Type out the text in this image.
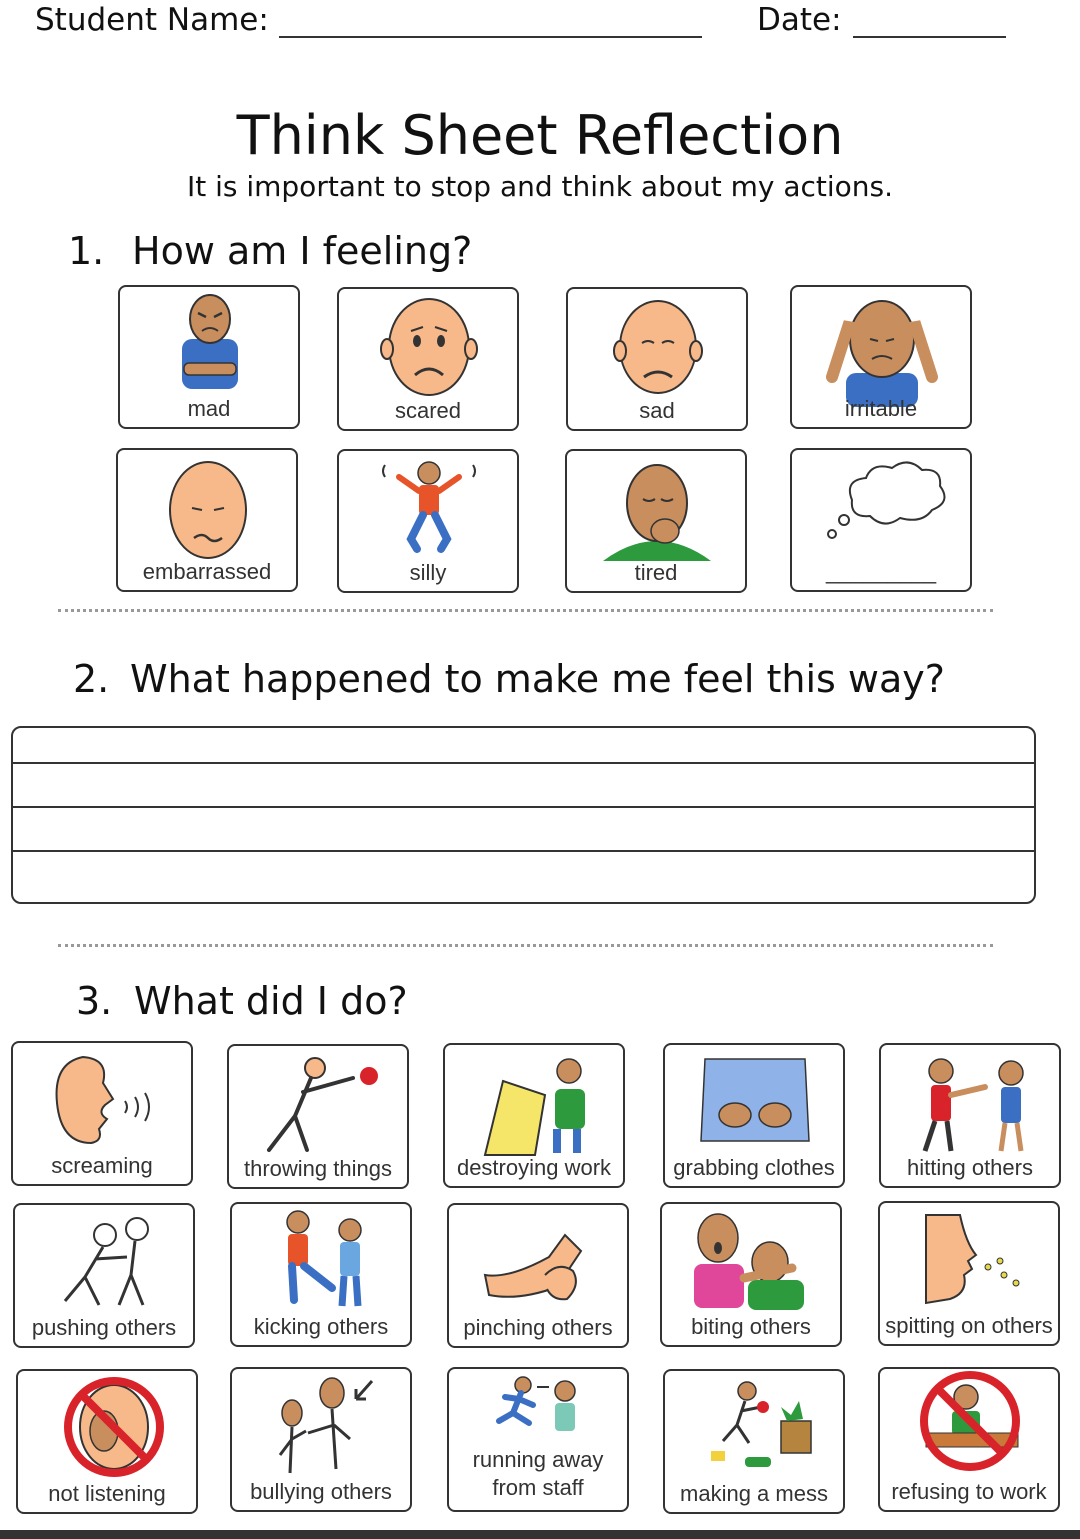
Student Name:	Date:
Think Sheet Reflection
It is important to stop and think about my actions.
1. How am I feeling?
mad	scared	sad	irritable
embarrassed	silly	tired	_________
2. What happened to make me feel this way?
3. What did I do?
screaming	throwing things	destroying work	grabbing clothes	hitting others
pushing others	kicking others	pinching others	biting others	spitting on others
not listening	bullying others
running away from staff	making a mess	refusing to work
